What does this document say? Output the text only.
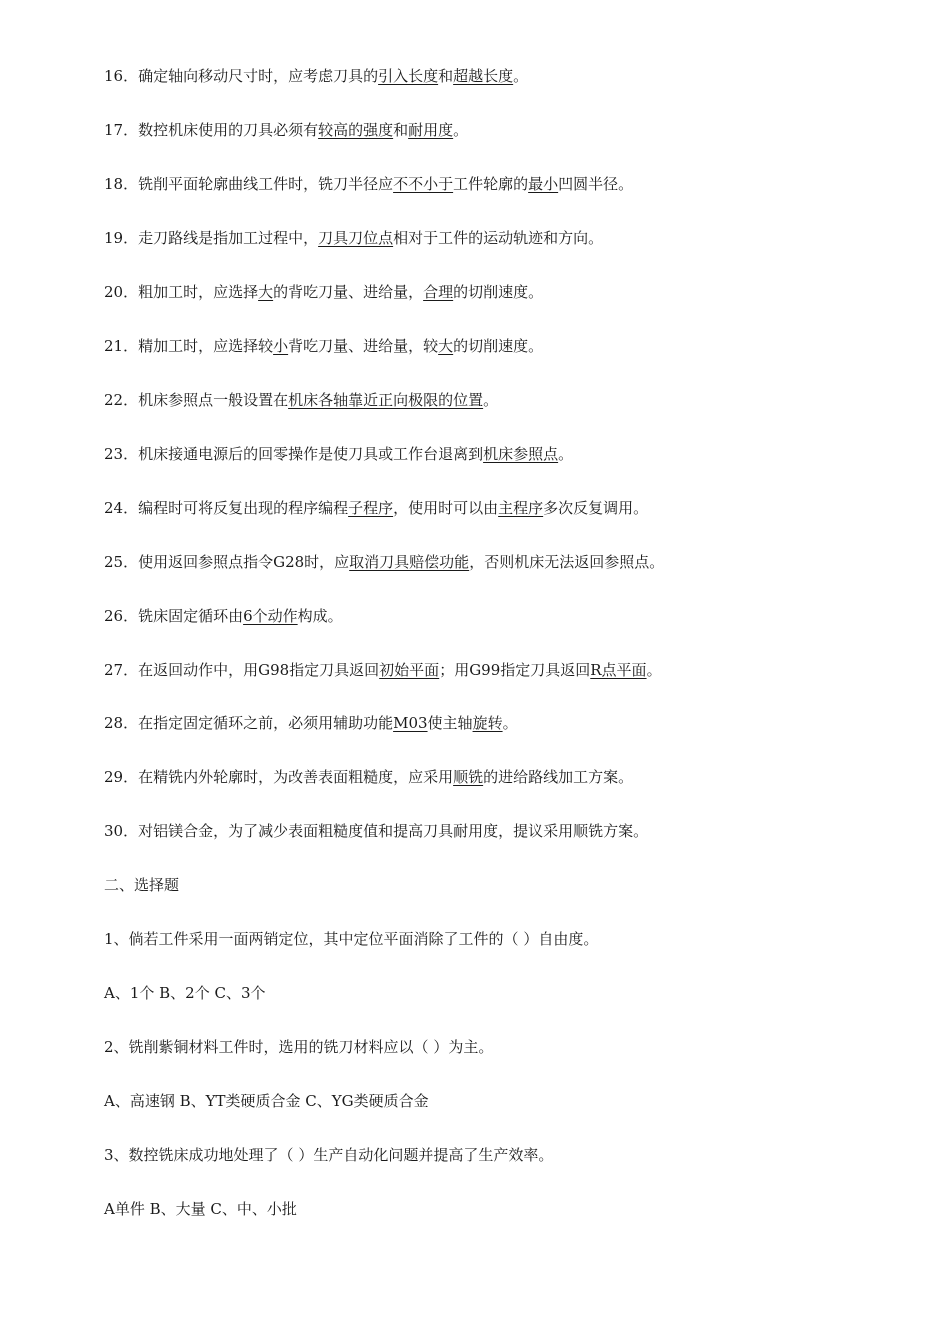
16．确定轴向移动尺寸时，应考虑刀具的引入长度和超越长度。
17．数控机床使用的刀具必须有较高的强度和耐用度。
18．铣削平面轮廓曲线工件时，铣刀半径应不不小于工件轮廓的最小凹圆半径。
19．走刀路线是指加工过程中，刀具刀位点相对于工件的运动轨迹和方向。
20．粗加工时，应选择大的背吃刀量、进给量，合理的切削速度。
21．精加工时，应选择较小背吃刀量、进给量，较大的切削速度。
22．机床参照点一般设置在机床各轴靠近正向极限的位置。
23．机床接通电源后的回零操作是使刀具或工作台退离到机床参照点。
24．编程时可将反复出现的程序编程子程序，使用时可以由主程序多次反复调用。
25．使用返回参照点指令G28时，应取消刀具赔偿功能，否则机床无法返回参照点。
26．铣床固定循环由6个动作构成。
27．在返回动作中，用G98指定刀具返回初始平面；用G99指定刀具返回R点平面。
28．在指定固定循环之前，必须用辅助功能M03使主轴旋转。
29．在精铣内外轮廓时，为改善表面粗糙度，应采用顺铣的进给路线加工方案。
30．对铝镁合金，为了减少表面粗糙度值和提高刀具耐用度，提议采用顺铣方案。
二、选择题
1、倘若工件采用一面两销定位，其中定位平面消除了工件的（ ）自由度。
A、1个 B、2个 C、3个
2、铣削紫铜材料工件时，选用的铣刀材料应以（ ）为主。
A、高速钢 B、YT类硬质合金 C、YG类硬质合金
3、数控铣床成功地处理了（ ）生产自动化问题并提高了生产效率。
A单件 B、大量 C、中、小批
